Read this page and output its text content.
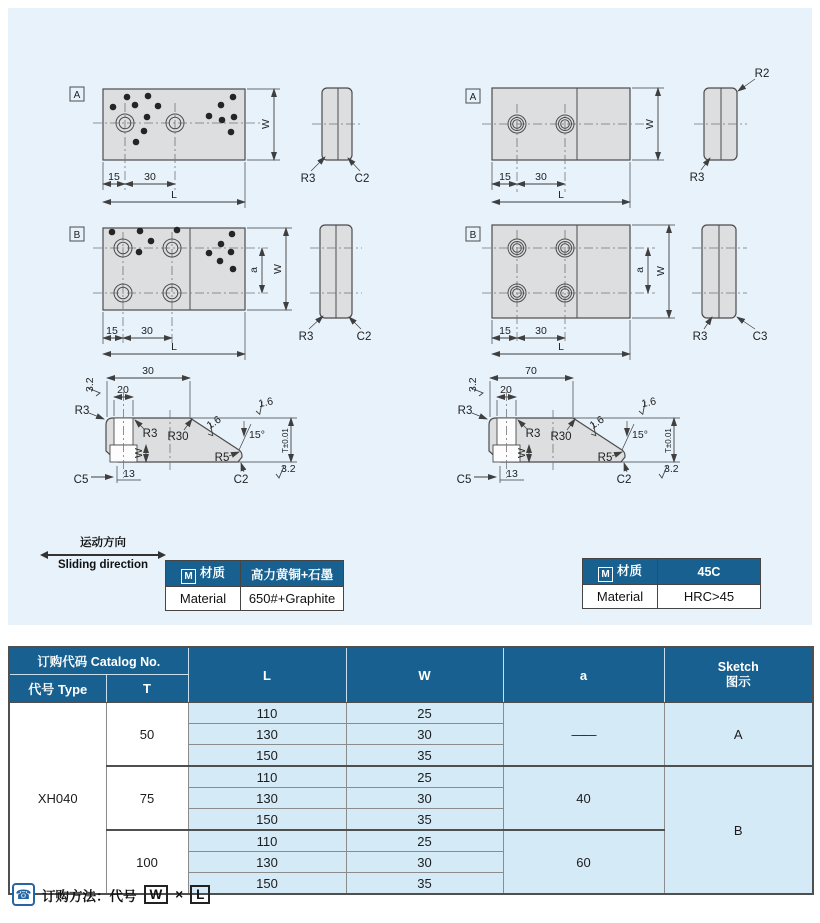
A
W
15 30
L
R3	C2
A
W
15 30
L
R2
R3
B
a W
15 30
L
R3	C2
B
a W
15 30
L
R3	C3
30
3.2 20
R3
R3 R30
1.6
1.6
15°
R5
W	T±0.01
3.2
C5	13	C2
70
3.2 20
R3
R3 R30
1.6
1.6
15°
R5
W	T±0.01
3.2
C5	13	C2
运动方向
Sliding direction
M 材质	高力黄铜+石墨
Material	650#+Graphite
M 材质	45C
Material	HRC>45
订购代码 Catalog No.		L	W	a	Sketch
图示

代号 Type	T				
XH040	50	110	25	——	A
		130	30		
		150	35		
	75	110	25	40	B
		130	30		
		150	35		
	100	110	25	60	
		130	30		
		150	35		
☎ 订购方法：代号 W × L
